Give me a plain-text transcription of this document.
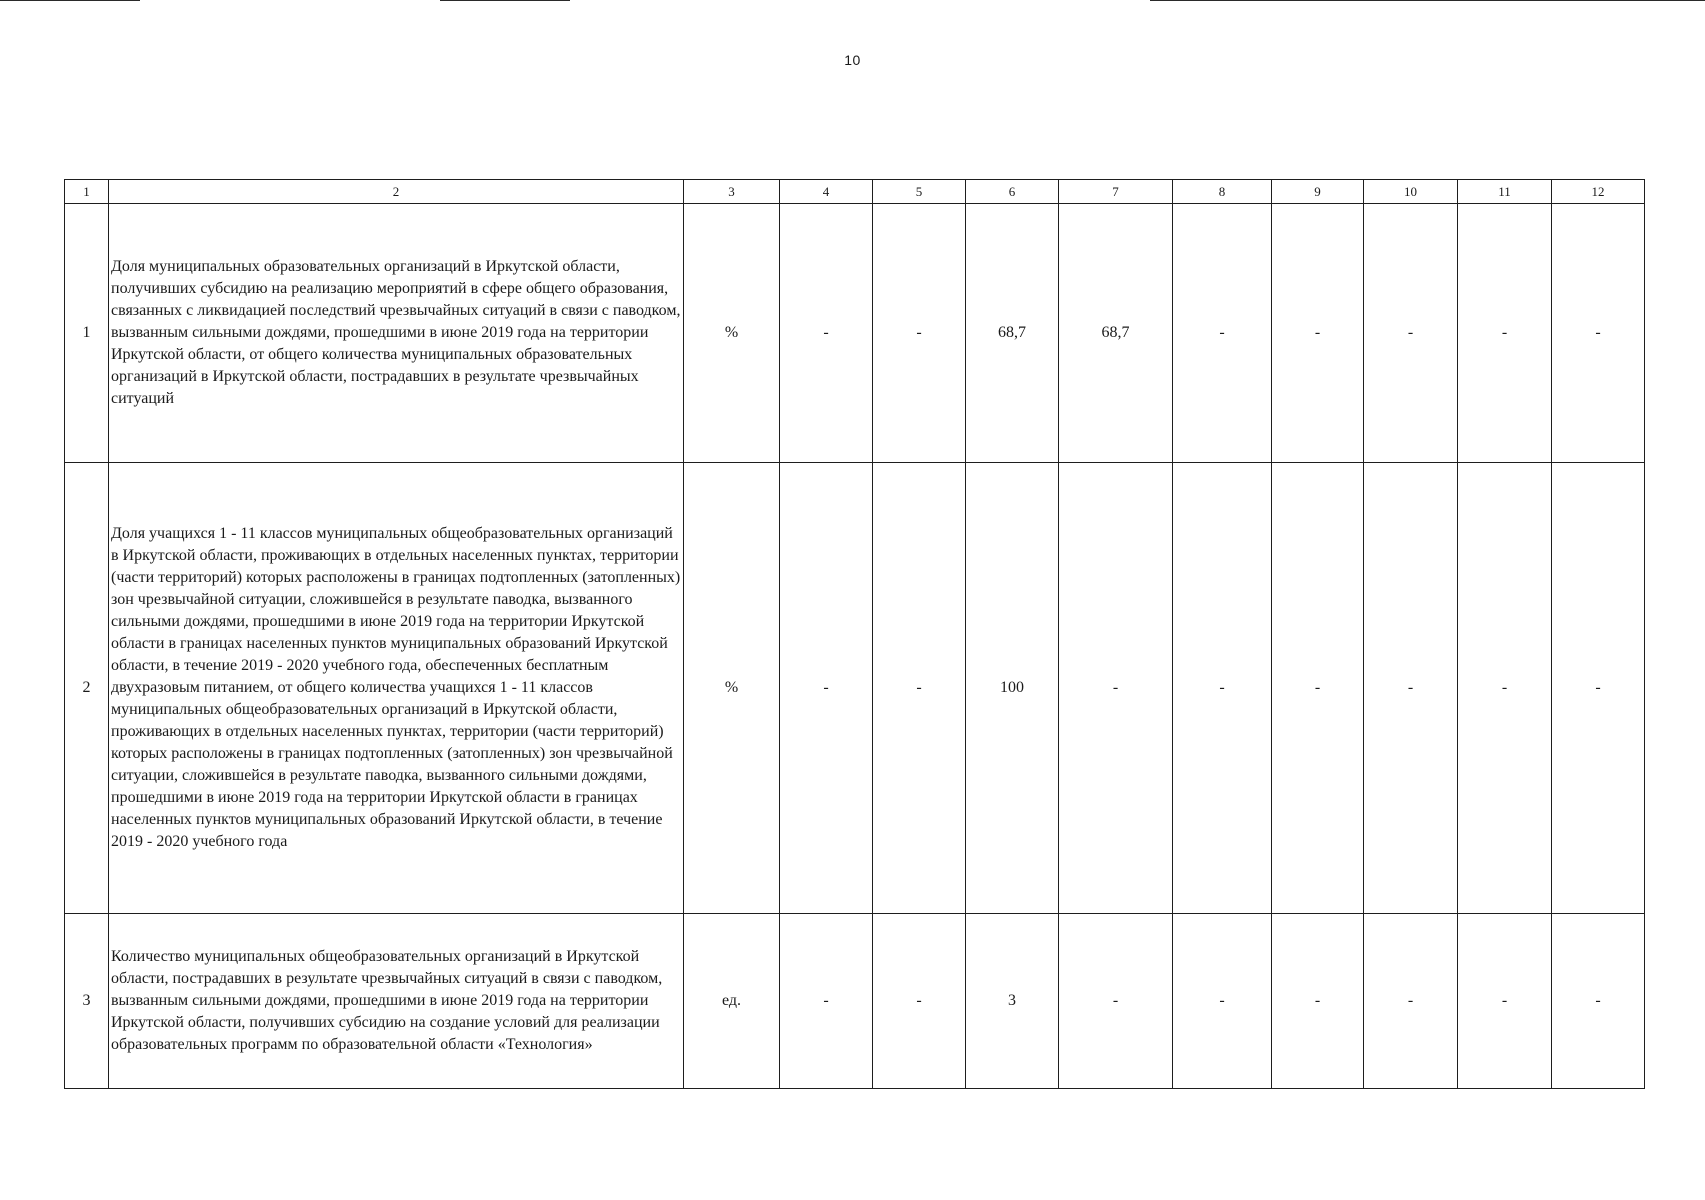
10
1	2	3	4	5	6	7	8	9	10	11	12
1	Доля муниципальных образовательных организаций в Иркутской области, получивших субсидию на реализацию мероприятий в сфере общего образования, связанных с ликвидацией последствий чрезвычайных ситуаций в связи с паводком, вызванным сильными дождями, прошедшими в июне 2019 года на территории Иркутской области, от общего количества муниципальных образовательных организаций в Иркутской области, пострадавших в результате чрезвычайных ситуаций	%	-	-	68,7	68,7	-	-	-	-	-
2	Доля учащихся 1 - 11 классов муниципальных общеобразовательных организаций в Иркутской области, проживающих в отдельных населенных пунктах, территории (части территорий) которых расположены в границах подтопленных (затопленных) зон чрезвычайной ситуации, сложившейся в результате паводка, вызванного сильными дождями, прошедшими в июне 2019 года на территории Иркутской области в границах населенных пунктов муниципальных образований Иркутской области, в течение 2019 - 2020 учебного года, обеспеченных бесплатным двухразовым питанием, от общего количества учащихся 1 - 11 классов муниципальных общеобразовательных организаций в Иркутской области, проживающих в отдельных населенных пунктах, территории (части территорий) которых расположены в границах подтопленных (затопленных) зон чрезвычайной ситуации, сложившейся в результате паводка, вызванного сильными дождями, прошедшими в июне 2019 года на территории Иркутской области в границах населенных пунктов муниципальных образований Иркутской области, в течение 2019 - 2020 учебного года	%	-	-	100	-	-	-	-	-	-
3	Количество муниципальных общеобразовательных организаций в Иркутской области, пострадавших в результате чрезвычайных ситуаций в связи с паводком, вызванным сильными дождями, прошедшими в июне 2019 года на территории Иркутской области, получивших субсидию на создание условий для реализации образовательных программ по образовательной области «Технология»	ед.	-	-	3	-	-	-	-	-	-
